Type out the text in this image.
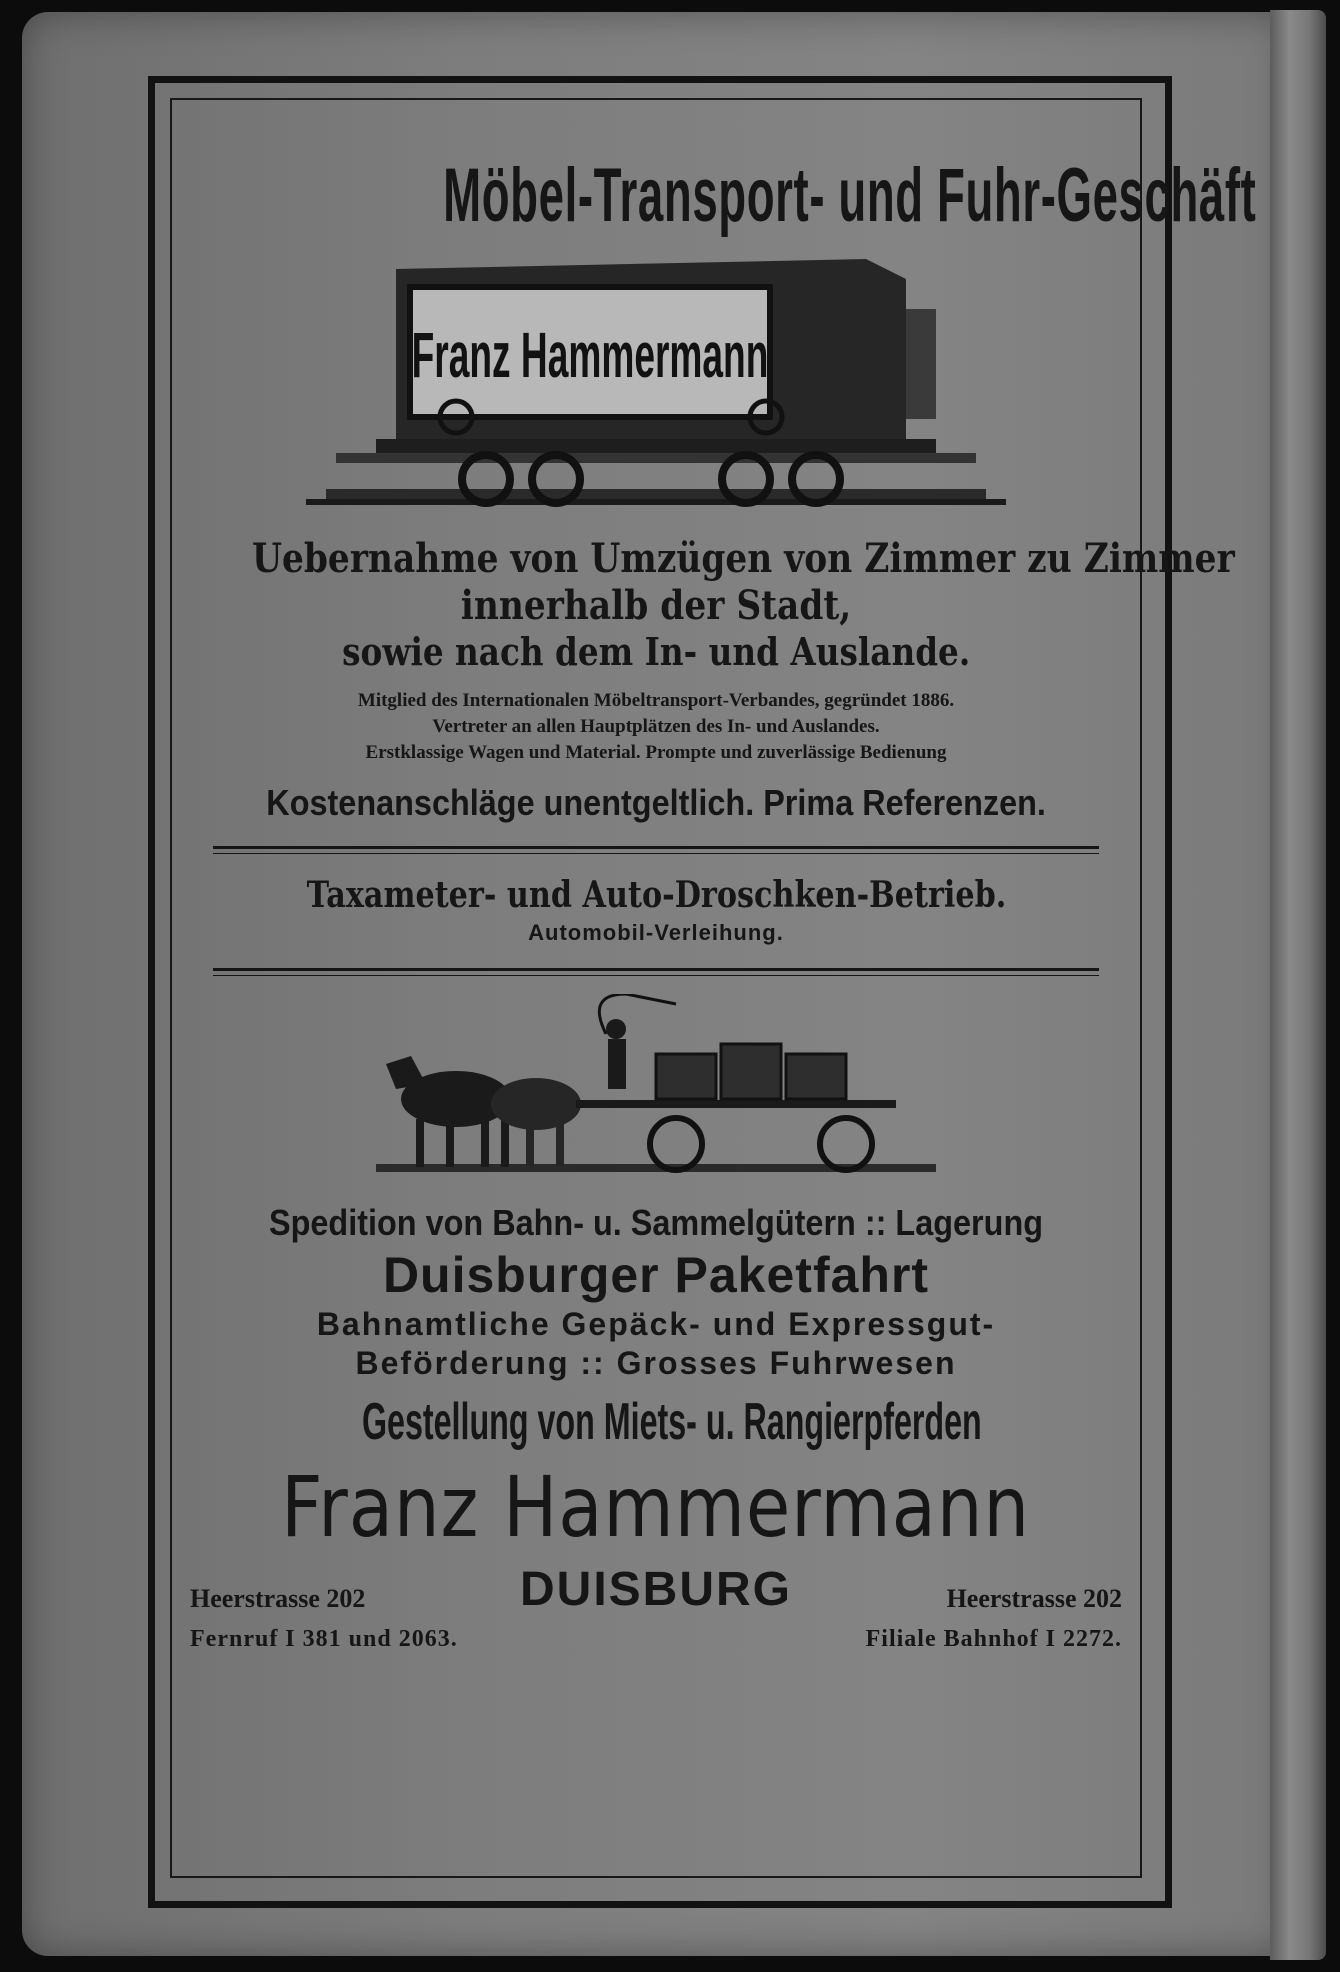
Möbel-Transport- und Fuhr-Geschäft
Franz Hammermann
Uebernahme von Umzügen von Zimmer zu Zimmer
innerhalb der Stadt,
sowie nach dem In- und Auslande.
Mitglied des Internationalen Möbeltransport-Verbandes, gegründet 1886.
Vertreter an allen Hauptplätzen des In- und Auslandes.
Erstklassige Wagen und Material. Prompte und zuverlässige Bedienung
Kostenanschläge unentgeltlich. Prima Referenzen.
Taxameter- und Auto-Droschken-Betrieb.
Automobil-Verleihung.
Spedition von Bahn- u. Sammelgütern :: Lagerung
Duisburger Paketfahrt
Bahnamtliche Gepäck- und Expressgut-
Beförderung :: Grosses Fuhrwesen
Gestellung von Miets- u. Rangierpferden
Franz Hammermann
Heerstrasse 202	DUISBURG	Heerstrasse 202
Fernruf I 381 und 2063.	Filiale Bahnhof I 2272.
